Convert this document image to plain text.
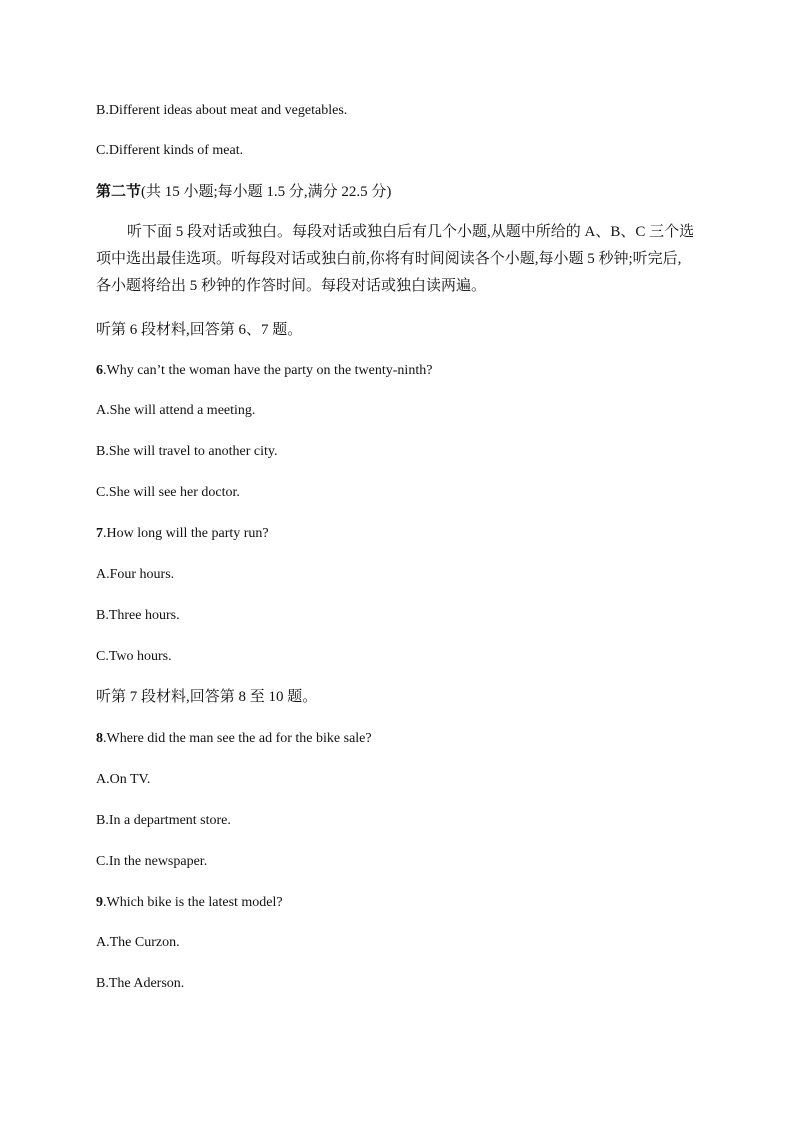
B.Different ideas about meat and vegetables.
C.Different kinds of meat.
第二节(共 15 小题;每小题 1.5 分,满分 22.5 分)
听下面 5 段对话或独白。每段对话或独白后有几个小题,从题中所给的 A、B、C 三个选项中选出最佳选项。听每段对话或独白前,你将有时间阅读各个小题,每小题 5 秒钟;听完后,各小题将给出 5 秒钟的作答时间。每段对话或独白读两遍。
听第 6 段材料,回答第 6、7 题。
6.Why can’t the woman have the party on the twenty-ninth?
A.She will attend a meeting.
B.She will travel to another city.
C.She will see her doctor.
7.How long will the party run?
A.Four hours.
B.Three hours.
C.Two hours.
听第 7 段材料,回答第 8 至 10 题。
8.Where did the man see the ad for the bike sale?
A.On TV.
B.In a department store.
C.In the newspaper.
9.Which bike is the latest model?
A.The Curzon.
B.The Aderson.
